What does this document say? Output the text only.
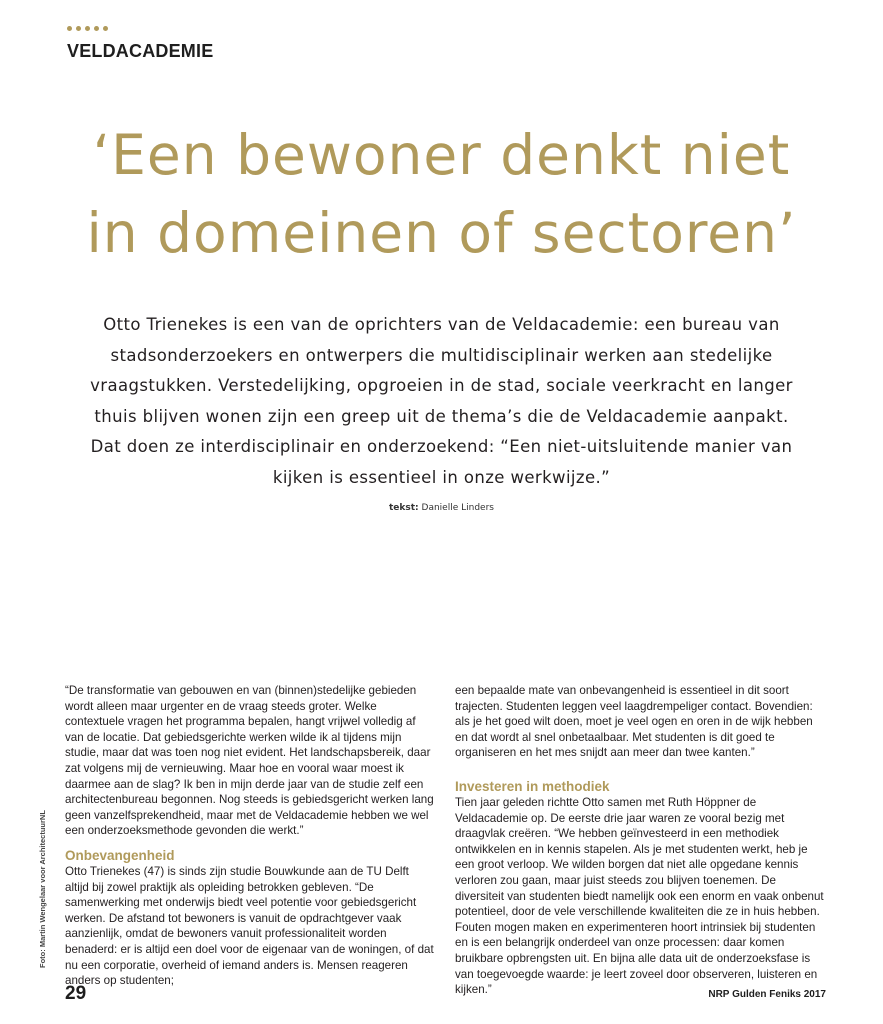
VELDACADEMIE
‘Een bewoner denkt niet
in domeinen of sectoren’

Otto Trienekes is een van de oprichters van de Veldacademie: een bureau van stadsonderzoekers en ontwerpers die multidisciplinair werken aan stedelijke vraagstukken. Verstedelijking, opgroeien in de stad, sociale veerkracht en langer thuis blijven wonen zijn een greep uit de thema’s die de Veldacademie aanpakt. Dat doen ze interdisciplinair en onderzoekend: “Een niet-uitsluitende manier van kijken is essentieel in onze werkwijze.”

tekst: Danielle Linders

“De transformatie van gebouwen en van (binnen)stedelijke gebieden wordt alleen maar urgenter en de vraag steeds groter. Welke contextuele vragen het programma bepalen, hangt vrijwel volledig af van de locatie. Dat gebiedsgerichte werken wilde ik al tijdens mijn studie, maar dat was toen nog niet evident. Het landschapsbereik, daar zat volgens mij de vernieuwing. Maar hoe en vooral waar moest ik daarmee aan de slag? Ik ben in mijn derde jaar van de studie zelf een architectenbureau begonnen. Nog steeds is gebiedsgericht werken lang geen vanzelfsprekendheid, maar met de Veldacademie hebben we wel een onderzoeksmethode gevonden die werkt.”

Onbevangenheid

Otto Trienekes (47) is sinds zijn studie Bouwkunde aan de TU Delft altijd bij zowel praktijk als opleiding betrokken gebleven. “De samenwerking met onderwijs biedt veel potentie voor gebiedsgericht werken. De afstand tot bewoners is vanuit de opdrachtgever vaak aanzienlijk, omdat de bewoners vanuit professionaliteit worden benaderd: er is altijd een doel voor de eigenaar van de woningen, of dat nu een corporatie, overheid of iemand anders is. Mensen reageren anders op studenten;

een bepaalde mate van onbevangenheid is essentieel in dit soort trajecten. Studenten leggen veel laagdrempeliger contact. Bovendien: als je het goed wilt doen, moet je veel ogen en oren in de wijk hebben en dat wordt al snel onbetaalbaar. Met studenten is dit goed te organiseren en het mes snijdt aan meer dan twee kanten.”

Investeren in methodiek

Tien jaar geleden richtte Otto samen met Ruth Höppner de Veldacademie op. De eerste drie jaar waren ze vooral bezig met draagvlak creëren. “We hebben geïnvesteerd in een methodiek ontwikkelen en in kennis stapelen. Als je met studenten werkt, heb je een groot verloop. We wilden borgen dat niet alle opgedane kennis verloren zou gaan, maar juist steeds zou blijven toenemen. De diversiteit van studenten biedt namelijk ook een enorm en vaak onbenut potentieel, door de vele verschillende kwaliteiten die ze in huis hebben. Fouten mogen maken en experimenteren hoort intrinsiek bij studenten en is een belangrijk onderdeel van onze processen: daar komen bruikbare opbrengsten uit. En bijna alle data uit de onderzoeksfase is van toegevoegde waarde: je leert zoveel door observeren, luisteren en kijken.”

Foto: Martin Wengelaar voor ArchitectuurNL
29	NRP Gulden Feniks 2017
